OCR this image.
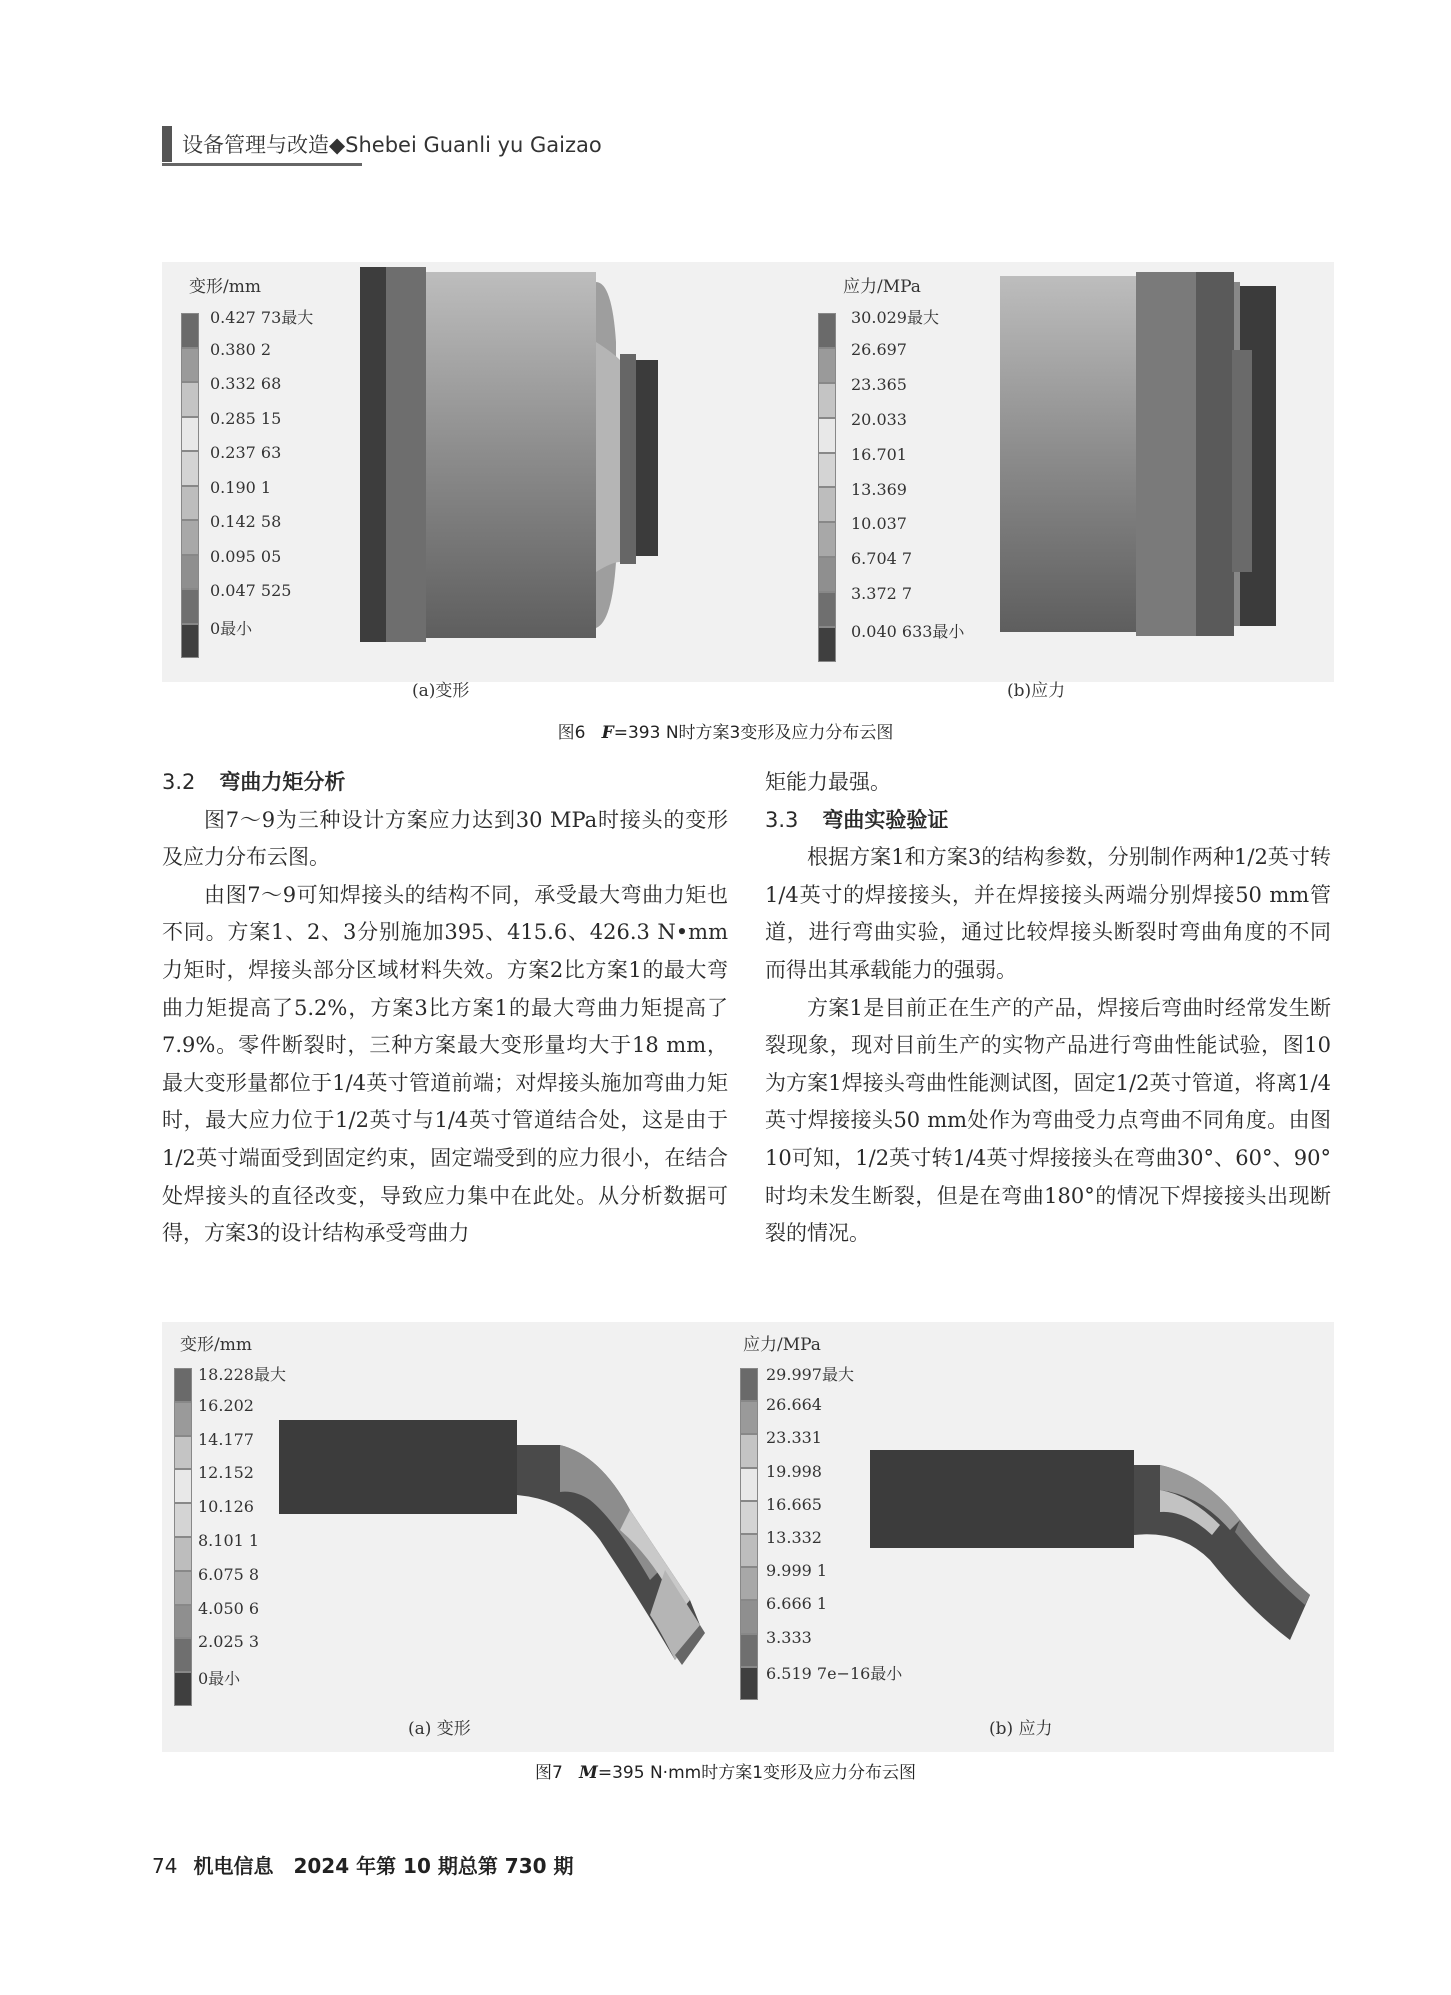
设备管理与改造◆Shebei Guanli yu Gaizao
变形/mm
0.427 73最大
0.380 2
0.332 68
0.285 15
0.237 63
0.190 1
0.142 58
0.095 05
0.047 525
0最小
(a)变形
应力/MPa
30.029最大
26.697
23.365
20.033
16.701
13.369
10.037
6.704 7
3.372 7
0.040 633最小
(b)应力
图6 F=393 N时方案3变形及应力分布云图

3.2 弯曲力矩分析

图7～9为三种设计方案应力达到30 MPa时接头的变形及应力分布云图。

由图7～9可知焊接头的结构不同，承受最大弯曲力矩也不同。方案1、2、3分别施加395、415.6、426.3 N•mm力矩时，焊接头部分区域材料失效。方案2比方案1的最大弯曲力矩提高了5.2%，方案3比方案1的最大弯曲力矩提高了7.9%。零件断裂时，三种方案最大变形量均大于18 mm，最大变形量都位于1/4英寸管道前端；对焊接头施加弯曲力矩时，最大应力位于1/2英寸与1/4英寸管道结合处，这是由于1/2英寸端面受到固定约束，固定端受到的应力很小，在结合处焊接头的直径改变，导致应力集中在此处。从分析数据可得，方案3的设计结构承受弯曲力

矩能力最强。

3.3 弯曲实验验证

根据方案1和方案3的结构参数，分别制作两种1/2英寸转1/4英寸的焊接接头，并在焊接接头两端分别焊接50 mm管道，进行弯曲实验，通过比较焊接头断裂时弯曲角度的不同而得出其承载能力的强弱。

方案1是目前正在生产的产品，焊接后弯曲时经常发生断裂现象，现对目前生产的实物产品进行弯曲性能试验，图10为方案1焊接头弯曲性能测试图，固定1/2英寸管道，将离1/4英寸焊接接头50 mm处作为弯曲受力点弯曲不同角度。由图10可知，1/2英寸转1/4英寸焊接接头在弯曲30°、60°、90°时均未发生断裂，但是在弯曲180°的情况下焊接接头出现断裂的情况。

变形/mm
18.228最大
16.202
14.177
12.152
10.126
8.101 1
6.075 8
4.050 6
2.025 3
0最小
(a) 变形
应力/MPa
29.997最大
26.664
23.331
19.998
16.665
13.332
9.999 1
6.666 1
3.333
6.519 7e−16最小
(b) 应力
图7 M=395 N·mm时方案1变形及应力分布云图
74 机电信息　2024 年第 10 期总第 730 期
